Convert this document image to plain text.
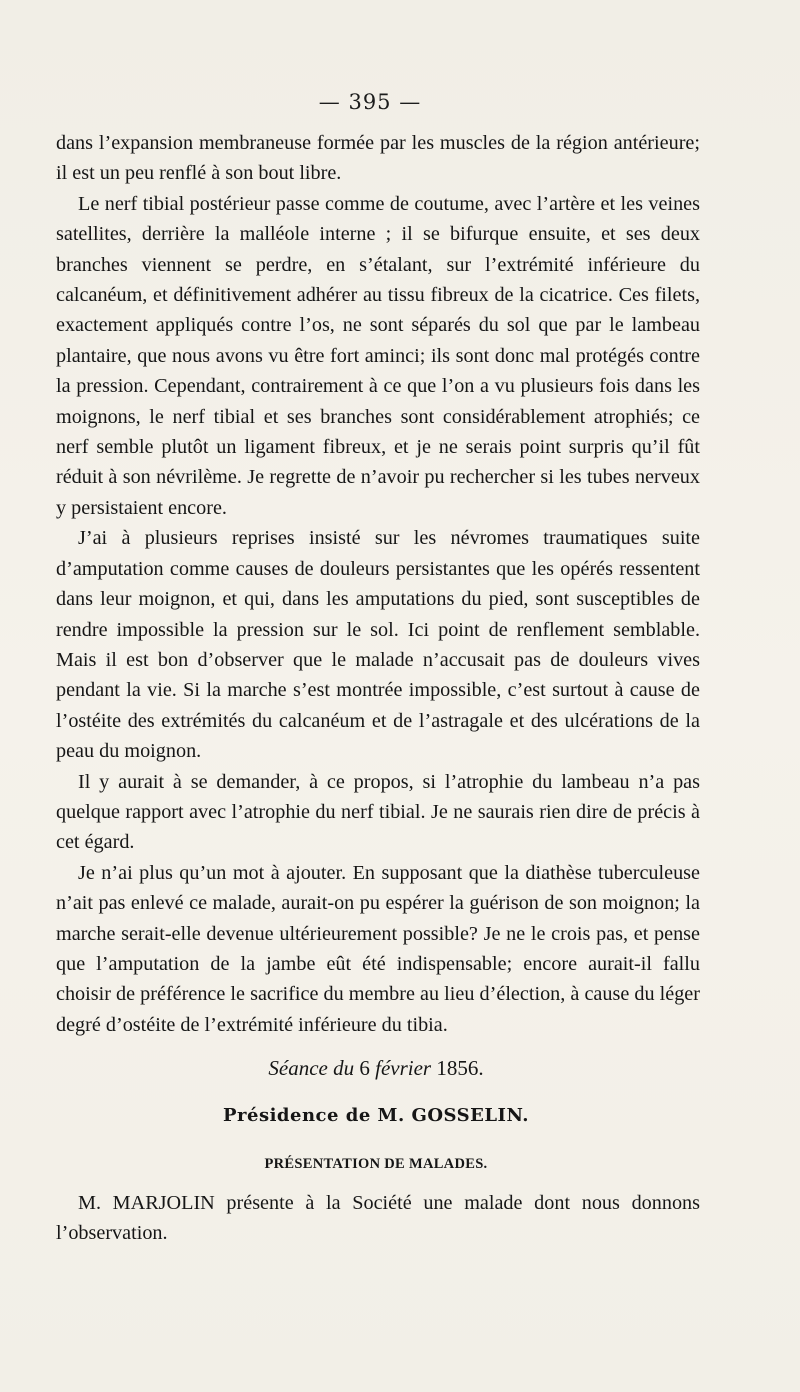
— 395 —

dans l’expansion membraneuse formée par les muscles de la région antérieure; il est un peu renflé à son bout libre.

Le nerf tibial postérieur passe comme de coutume, avec l’artère et les veines satellites, derrière la malléole interne ; il se bifurque ensuite, et ses deux branches viennent se perdre, en s’étalant, sur l’extrémité inférieure du calcanéum, et définitivement adhérer au tissu fibreux de la cicatrice. Ces filets, exactement appliqués contre l’os, ne sont séparés du sol que par le lambeau plantaire, que nous avons vu être fort aminci; ils sont donc mal protégés contre la pression. Cependant, contrairement à ce que l’on a vu plusieurs fois dans les moignons, le nerf tibial et ses branches sont considérablement atrophiés; ce nerf semble plutôt un ligament fibreux, et je ne serais point surpris qu’il fût réduit à son névrilème. Je regrette de n’avoir pu rechercher si les tubes nerveux y persistaient encore.

J’ai à plusieurs reprises insisté sur les névromes traumatiques suite d’amputation comme causes de douleurs persistantes que les opérés ressentent dans leur moignon, et qui, dans les amputations du pied, sont susceptibles de rendre impossible la pression sur le sol. Ici point de renflement semblable. Mais il est bon d’observer que le malade n’accusait pas de douleurs vives pendant la vie. Si la marche s’est montrée impossible, c’est surtout à cause de l’ostéite des extrémités du calcanéum et de l’astragale et des ulcérations de la peau du moignon.

Il y aurait à se demander, à ce propos, si l’atrophie du lambeau n’a pas quelque rapport avec l’atrophie du nerf tibial. Je ne saurais rien dire de précis à cet égard.

Je n’ai plus qu’un mot à ajouter. En supposant que la diathèse tuberculeuse n’ait pas enlevé ce malade, aurait-on pu espérer la guérison de son moignon; la marche serait-elle devenue ultérieurement possible? Je ne le crois pas, et pense que l’amputation de la jambe eût été indispensable; encore aurait-il fallu choisir de préférence le sacrifice du membre au lieu d’élection, à cause du léger degré d’ostéite de l’extrémité inférieure du tibia.

Séance du 6 février 1856.
Présidence de M. GOSSELIN.
PRÉSENTATION DE MALADES.

M. MARJOLIN présente à la Société une malade dont nous donnons l’observation.
